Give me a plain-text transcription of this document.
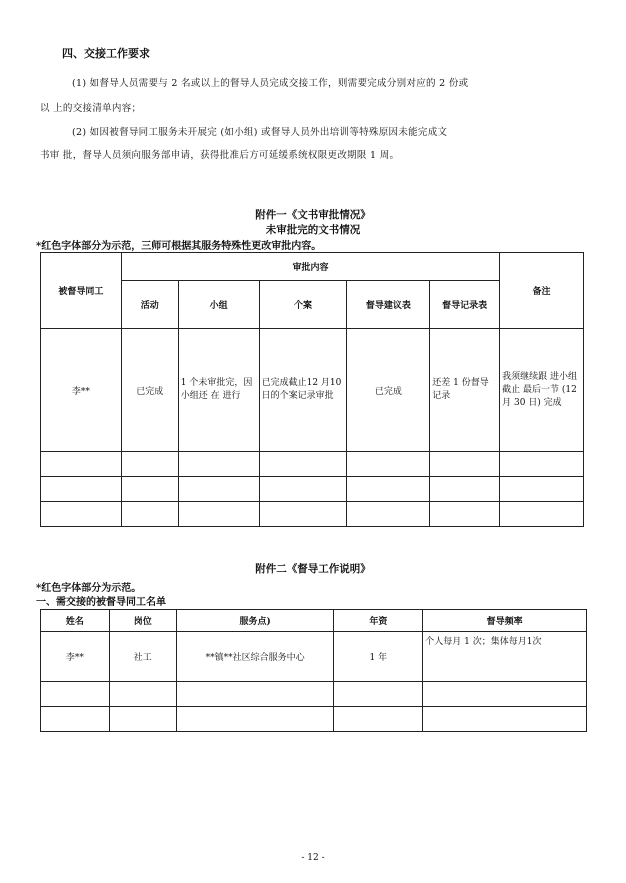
四、交接工作要求
(1) 如督导人员需要与 2 名或以上的督导人员完成交接工作，则需要完成分别对应的 2 份或
以 上的交接清单内容；
(2) 如因被督导同工服务未开展完 (如小组) 或督导人员外出培训等特殊原因未能完成文
书审 批，督导人员须向服务部申请，获得批准后方可延缓系统权限更改期限 1 周。
附件一《文书审批情况》
未审批完的文书情况
*红色字体部分为示范，三师可根据其服务特殊性更改审批内容。
被督导同工	审批内容					备注
	活动	小组	个案	督导建议表	督导记录表	
李**	已完成	1 个未审批完，因小组还 在 进行	已完成截止12 月10 日的个案记录审批	已完成	还差 1 份督导记录	我须继续跟 进小组截止 最后一节 (12 月 30 日) 完成

附件二《督导工作说明》
*红色字体部分为示范。
一、需交接的被督导同工名单
姓名	岗位	服务点)	年资	督导频率
李**	社工	**镇**社区综合服务中心	1 年	个人每月 1 次；集体每月1次

- 12 -
